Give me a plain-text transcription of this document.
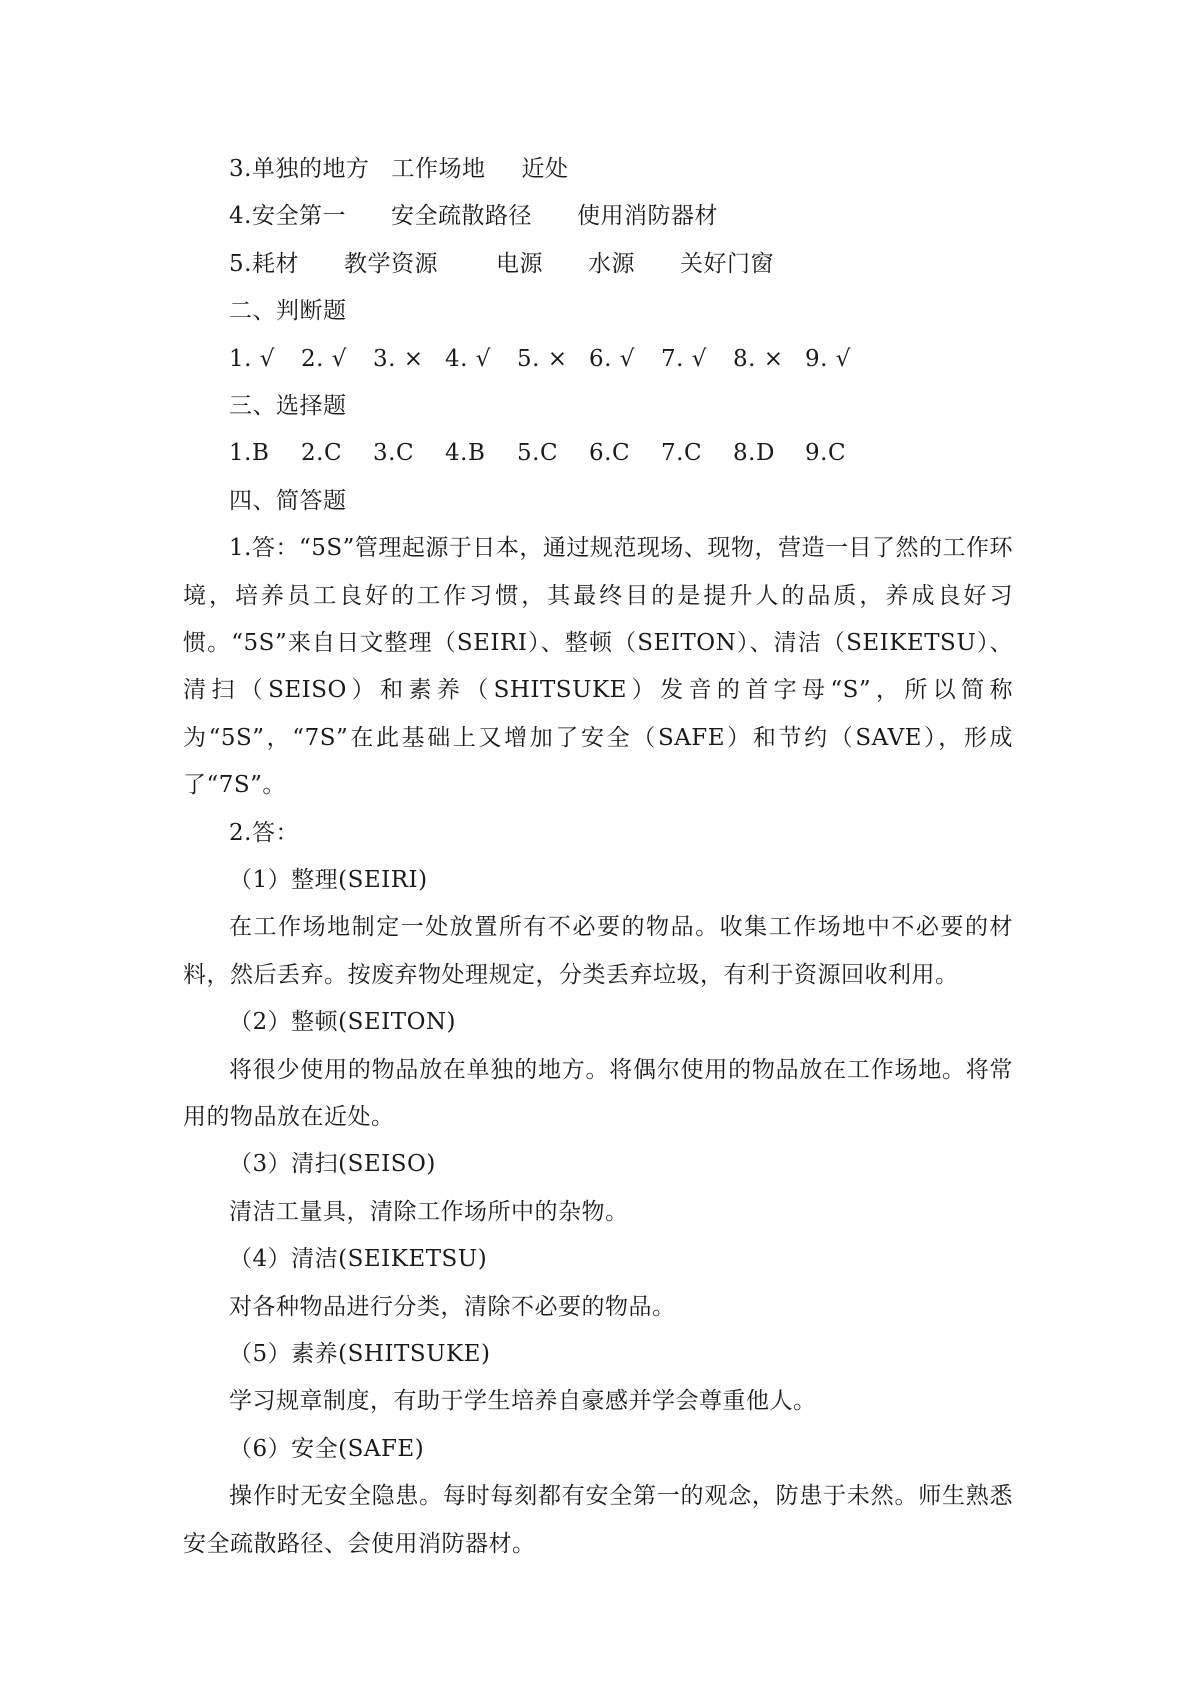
3.单独的地方 工作场地 近处
4.安全第一 安全疏散路径 使用消防器材
5.耗材 教学资源	电源 水源 关好门窗
二、判断题
1. √ 2. √ 3. × 4. √ 5. × 6. √ 7. √ 8. × 9. √
三、选择题
1.B 2.C 3.C 4.B 5.C 6.C 7.C 8.D 9.C
四、简答题
1.答：“5S”管理起源于日本，通过规范现场、现物，营造一目了然的工作环境，培养员工良好的工作习惯，其最终目的是提升人的品质，养成良好习惯。“5S”来自日文整理（SEIRI）、整顿（SEITON）、清洁（SEIKETSU）、清扫（SEISO）和素养（SHITSUKE）发音的首字母“S”，所以简称为“5S”，“7S”在此基础上又增加了安全（SAFE）和节约（SAVE），形成了“7S”。
2.答：
（1）整理(SEIRI)
在工作场地制定一处放置所有不必要的物品。收集工作场地中不必要的材料，然后丢弃。按废弃物处理规定，分类丢弃垃圾，有利于资源回收利用。
（2）整顿(SEITON)
将很少使用的物品放在单独的地方。将偶尔使用的物品放在工作场地。将常用的物品放在近处。
（3）清扫(SEISO)
清洁工量具，清除工作场所中的杂物。
（4）清洁(SEIKETSU)
对各种物品进行分类，清除不必要的物品。
（5）素养(SHITSUKE)
学习规章制度，有助于学生培养自豪感并学会尊重他人。
（6）安全(SAFE)
操作时无安全隐患。每时每刻都有安全第一的观念，防患于未然。师生熟悉安全疏散路径、会使用消防器材。
